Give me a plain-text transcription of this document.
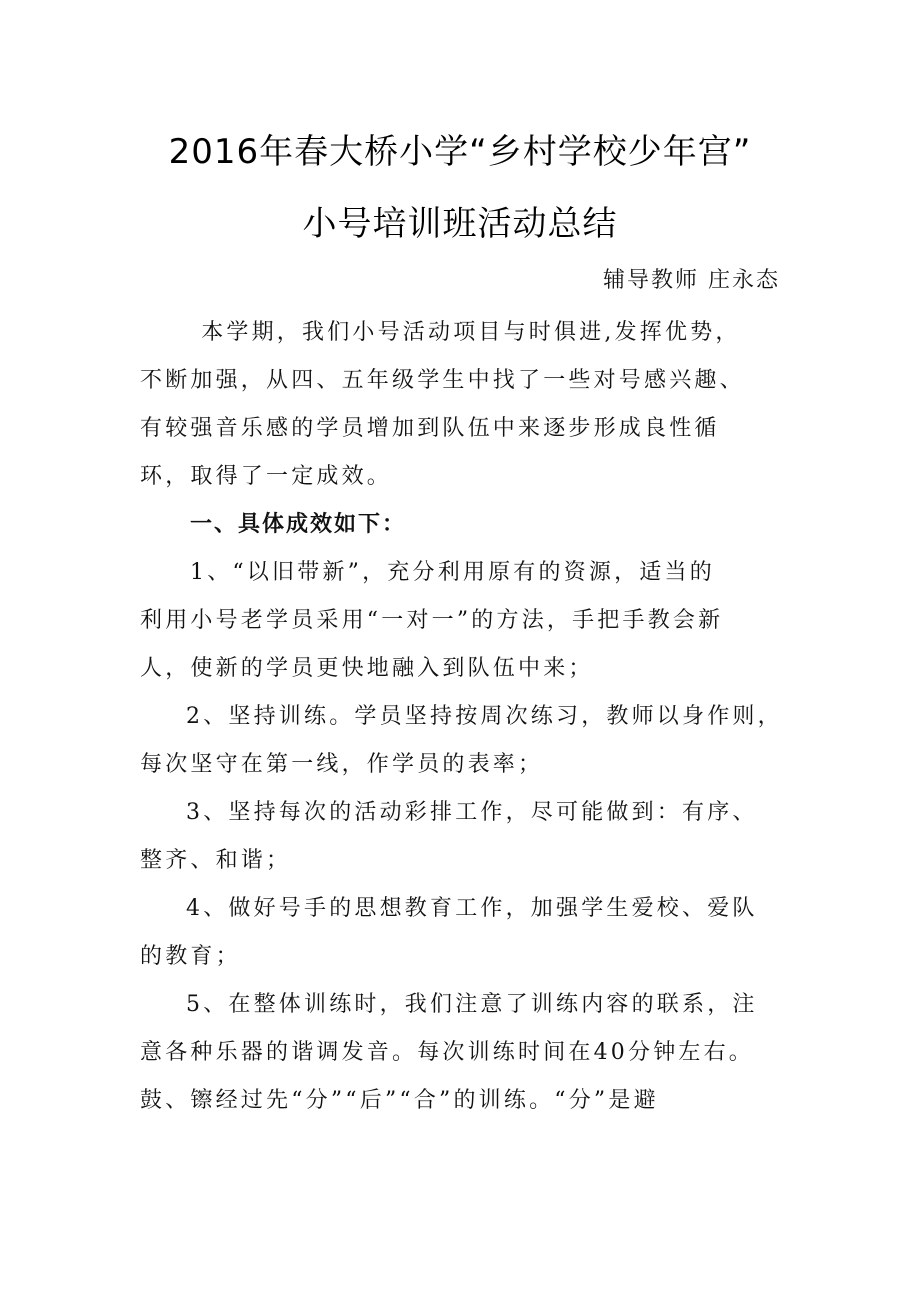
2016年春大桥小学“乡村学校少年宫”
小号培训班活动总结
辅导教师 庄永态
　本学期，我们小号活动项目与时俱进,发挥优势，
不断加强，从四、五年级学生中找了一些对号感兴趣、
有较强音乐感的学员增加到队伍中来逐步形成良性循
环，取得了一定成效。
一、具体成效如下：
1、“以旧带新”，充分利用原有的资源，适当的
利用小号老学员采用“一对一”的方法，手把手教会新
人，使新的学员更快地融入到队伍中来；
2、坚持训练。学员坚持按周次练习，教师以身作则，
每次坚守在第一线，作学员的表率；
3、坚持每次的活动彩排工作，尽可能做到：有序、
整齐、和谐；
4、做好号手的思想教育工作，加强学生爱校、爱队
的教育；
5、在整体训练时，我们注意了训练内容的联系，注
意各种乐器的谐调发音。每次训练时间在40分钟左右。
鼓、镲经过先“分”“后”“合”的训练。“分”是避
